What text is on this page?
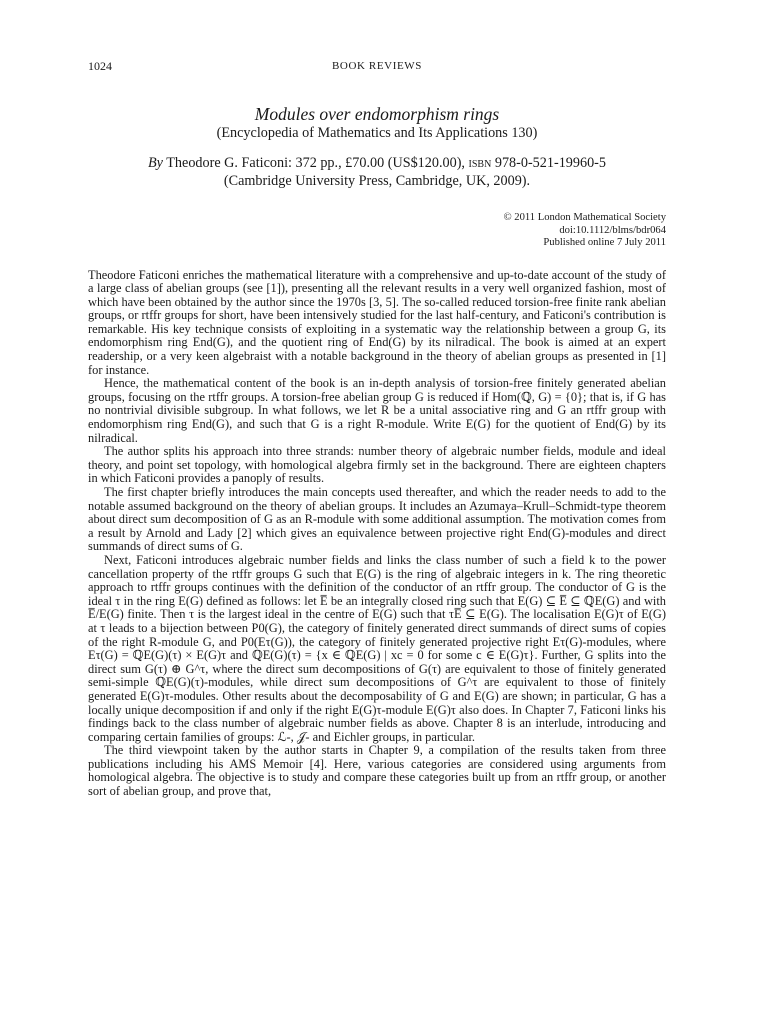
1024	BOOK REVIEWS
Modules over endomorphism rings
(Encyclopedia of Mathematics and Its Applications 130)
By Theodore G. Faticoni: 372 pp., £70.00 (US$120.00), isbn 978-0-521-19960-5
(Cambridge University Press, Cambridge, UK, 2009).
© 2011 London Mathematical Society
doi:10.1112/blms/bdr064
Published online 7 July 2011

Theodore Faticoni enriches the mathematical literature with a comprehensive and up-to-date account of the study of a large class of abelian groups (see [1]), presenting all the relevant results in a very well organized fashion, most of which have been obtained by the author since the 1970s [3, 5]. The so-called reduced torsion-free finite rank abelian groups, or rtffr groups for short, have been intensively studied for the last half-century, and Faticoni's contribution is remarkable. His key technique consists of exploiting in a systematic way the relationship between a group G, its endomorphism ring End(G), and the quotient ring of End(G) by its nilradical. The book is aimed at an expert readership, or a very keen algebraist with a notable background in the theory of abelian groups as presented in [1] for instance.

Hence, the mathematical content of the book is an in-depth analysis of torsion-free finitely generated abelian groups, focusing on the rtffr groups. A torsion-free abelian group G is reduced if Hom(ℚ, G) = {0}; that is, if G has no nontrivial divisible subgroup. In what follows, we let R be a unital associative ring and G an rtffr group with endomorphism ring End(G), and such that G is a right R-module. Write E(G) for the quotient of End(G) by its nilradical.

The author splits his approach into three strands: number theory of algebraic number fields, module and ideal theory, and point set topology, with homological algebra firmly set in the background. There are eighteen chapters in which Faticoni provides a panoply of results.

The first chapter briefly introduces the main concepts used thereafter, and which the reader needs to add to the notable assumed background on the theory of abelian groups. It includes an Azumaya–Krull–Schmidt-type theorem about direct sum decomposition of G as an R-module with some additional assumption. The motivation comes from a result by Arnold and Lady [2] which gives an equivalence between projective right End(G)-modules and direct summands of direct sums of G.

Next, Faticoni introduces algebraic number fields and links the class number of such a field k to the power cancellation property of the rtffr groups G such that E(G) is the ring of algebraic integers in k. The ring theoretic approach to rtffr groups continues with the definition of the conductor of an rtffr group. The conductor of G is the ideal τ in the ring E(G) defined as follows: let E̅ be an integrally closed ring such that E(G) ⊆ E̅ ⊆ ℚE(G) and with E̅/E(G) finite. Then τ is the largest ideal in the centre of E(G) such that τE̅ ⊆ E(G). The localisation E(G)τ of E(G) at τ leads to a bijection between P0(G), the category of finitely generated direct summands of direct sums of copies of the right R-module G, and P0(Eτ(G)), the category of finitely generated projective right Eτ(G)-modules, where Eτ(G) = ℚE(G)(τ) × E(G)τ and ℚE(G)(τ) = {x ∈ ℚE(G) | xc = 0 for some c ∈ E(G)τ}. Further, G splits into the direct sum G(τ) ⊕ G^τ, where the direct sum decompositions of G(τ) are equivalent to those of finitely generated semi-simple ℚE(G)(τ)-modules, while direct sum decompositions of G^τ are equivalent to those of finitely generated E(G)τ-modules. Other results about the decomposability of G and E(G) are shown; in particular, G has a locally unique decomposition if and only if the right E(G)τ-module E(G)τ also does. In Chapter 7, Faticoni links his findings back to the class number of algebraic number fields as above. Chapter 8 is an interlude, introducing and comparing certain families of groups: ℒ-, 𝒥- and Eichler groups, in particular.

The third viewpoint taken by the author starts in Chapter 9, a compilation of the results taken from three publications including his AMS Memoir [4]. Here, various categories are considered using arguments from homological algebra. The objective is to study and compare these categories built up from an rtffr group, or another sort of abelian group, and prove that,
